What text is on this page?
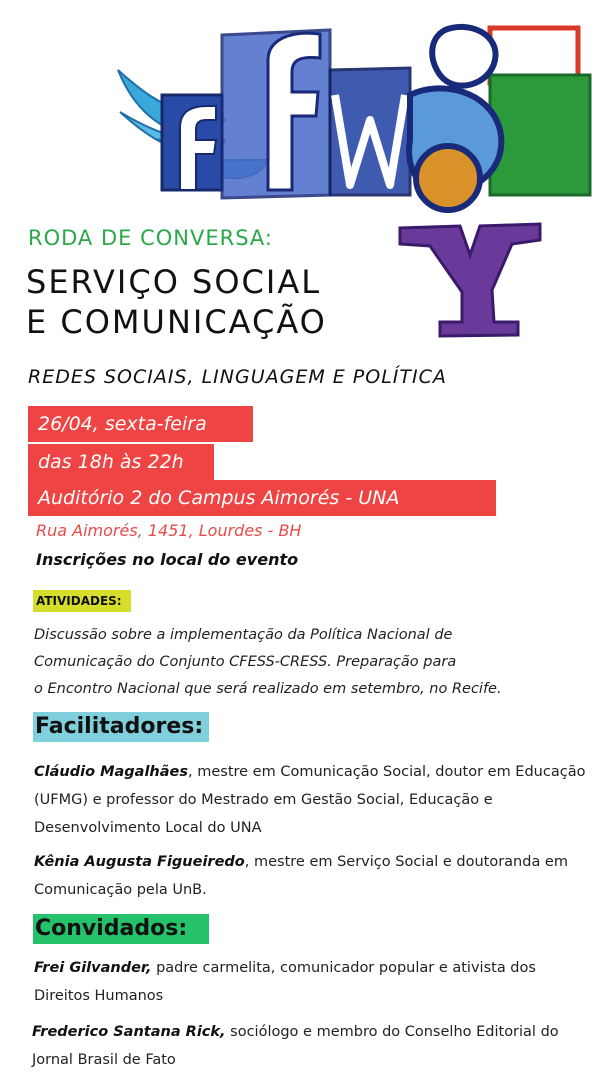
RODA DE CONVERSA:
SERVIÇO SOCIAL
E COMUNICAÇÃO
REDES SOCIAIS, LINGUAGEM E POLÍTICA
26/04, sexta-feira
das 18h às 22h
Auditório 2 do Campus Aimorés - UNA
Rua Aimorés, 1451, Lourdes - BH
Inscrições no local do evento
ATIVIDADES:
Discussão sobre a implementação da Política Nacional de
Comunicação do Conjunto CFESS-CRESS. Preparação para
o Encontro Nacional que será realizado em setembro, no Recife.
Facilitadores:
Cláudio Magalhães, mestre em Comunicação Social, doutor em Educação (UFMG) e professor do Mestrado em Gestão Social, Educação e Desenvolvimento Local do UNA
Kênia Augusta Figueiredo, mestre em Serviço Social e doutoranda em Comunicação pela UnB.
Convidados:
Frei Gilvander, padre carmelita, comunicador popular e ativista dos Direitos Humanos
Frederico Santana Rick, sociólogo e membro do Conselho Editorial do Jornal Brasil de Fato
